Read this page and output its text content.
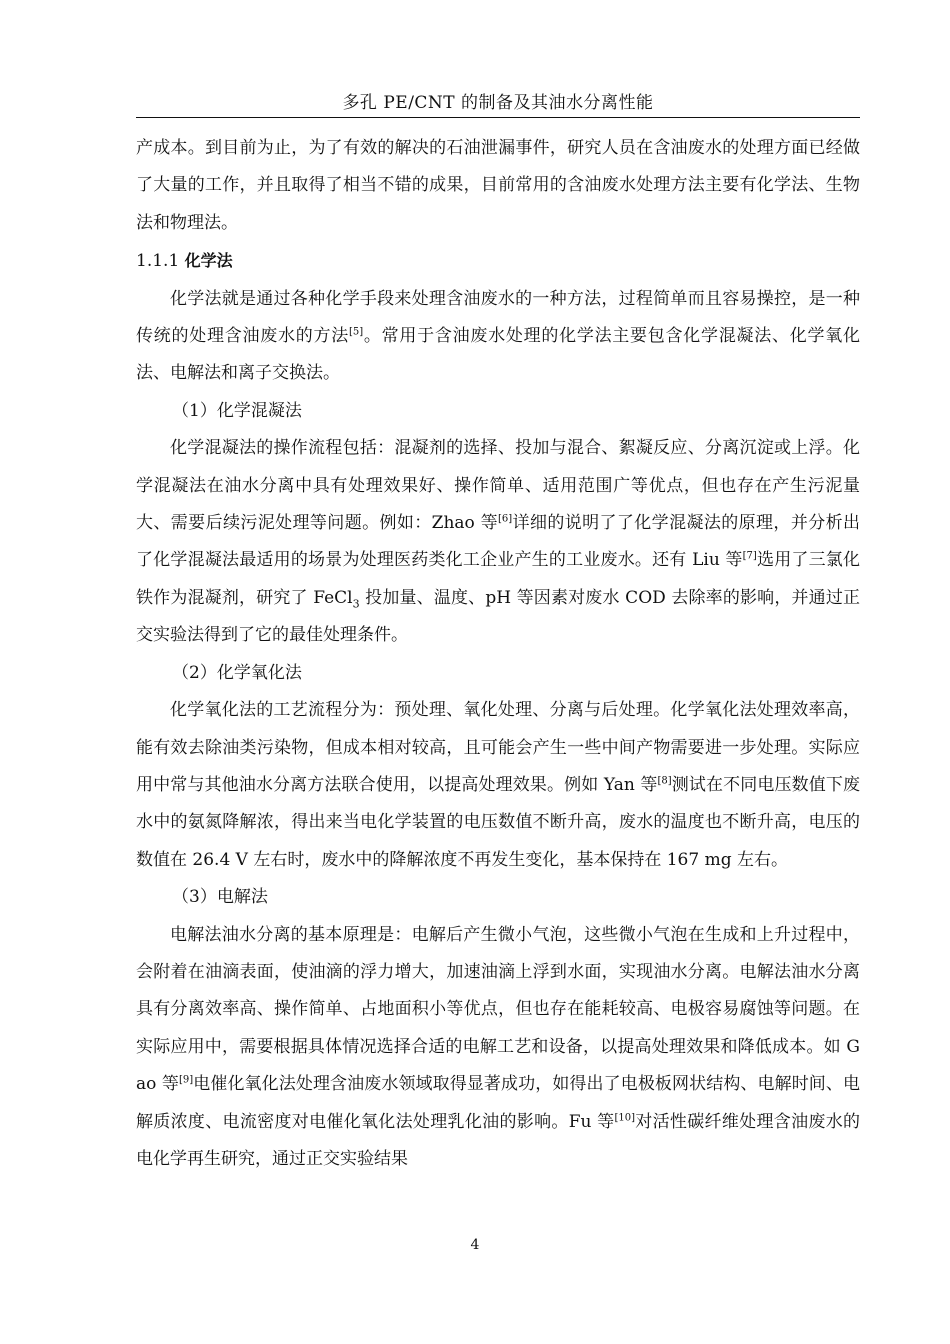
多孔 PE/CNT 的制备及其油水分离性能

产成本。到目前为止，为了有效的解决的石油泄漏事件，研究人员在含油废水的处理方面已经做了大量的工作，并且取得了相当不错的成果，目前常用的含油废水处理方法主要有化学法、生物法和物理法。

1.1.1 化学法

化学法就是通过各种化学手段来处理含油废水的一种方法，过程简单而且容易操控，是一种传统的处理含油废水的方法[5]。常用于含油废水处理的化学法主要包含化学混凝法、化学氧化法、电解法和离子交换法。

（1）化学混凝法

化学混凝法的操作流程包括：混凝剂的选择、投加与混合、絮凝反应、分离沉淀或上浮。化学混凝法在油水分离中具有处理效果好、操作简单、适用范围广等优点，但也存在产生污泥量大、需要后续污泥处理等问题。例如：Zhao 等[6]详细的说明了了化学混凝法的原理，并分析出了化学混凝法最适用的场景为处理医药类化工企业产生的工业废水。还有 Liu 等[7]选用了三氯化铁作为混凝剂，研究了 FeCl$_3$ 投加量、温度、pH 等因素对废水 COD 去除率的影响，并通过正交实验法得到了它的最佳处理条件。

（2）化学氧化法

化学氧化法的工艺流程分为：预处理、氧化处理、分离与后处理。化学氧化法处理效率高，能有效去除油类污染物，但成本相对较高，且可能会产生一些中间产物需要进一步处理。实际应用中常与其他油水分离方法联合使用，以提高处理效果。例如 Yan 等[8]测试在不同电压数值下废水中的氨氮降解浓，得出来当电化学装置的电压数值不断升高，废水的温度也不断升高，电压的数值在 26.4 V 左右时，废水中的降解浓度不再发生变化，基本保持在 167 mg 左右。

（3）电解法

电解法油水分离的基本原理是：电解后产生微小气泡，这些微小气泡在生成和上升过程中，会附着在油滴表面，使油滴的浮力增大，加速油滴上浮到水面，实现油水分离。电解法油水分离具有分离效率高、操作简单、占地面积小等优点，但也存在能耗较高、电极容易腐蚀等问题。在实际应用中，需要根据具体情况选择合适的电解工艺和设备，以提高处理效果和降低成本。如 Gao 等[9]电催化氧化法处理含油废水领域取得显著成功，如得出了电极板网状结构、电解时间、电解质浓度、电流密度对电催化氧化法处理乳化油的影响。Fu 等[10]对活性碳纤维处理含油废水的电化学再生研究，通过正交实验结果

4
